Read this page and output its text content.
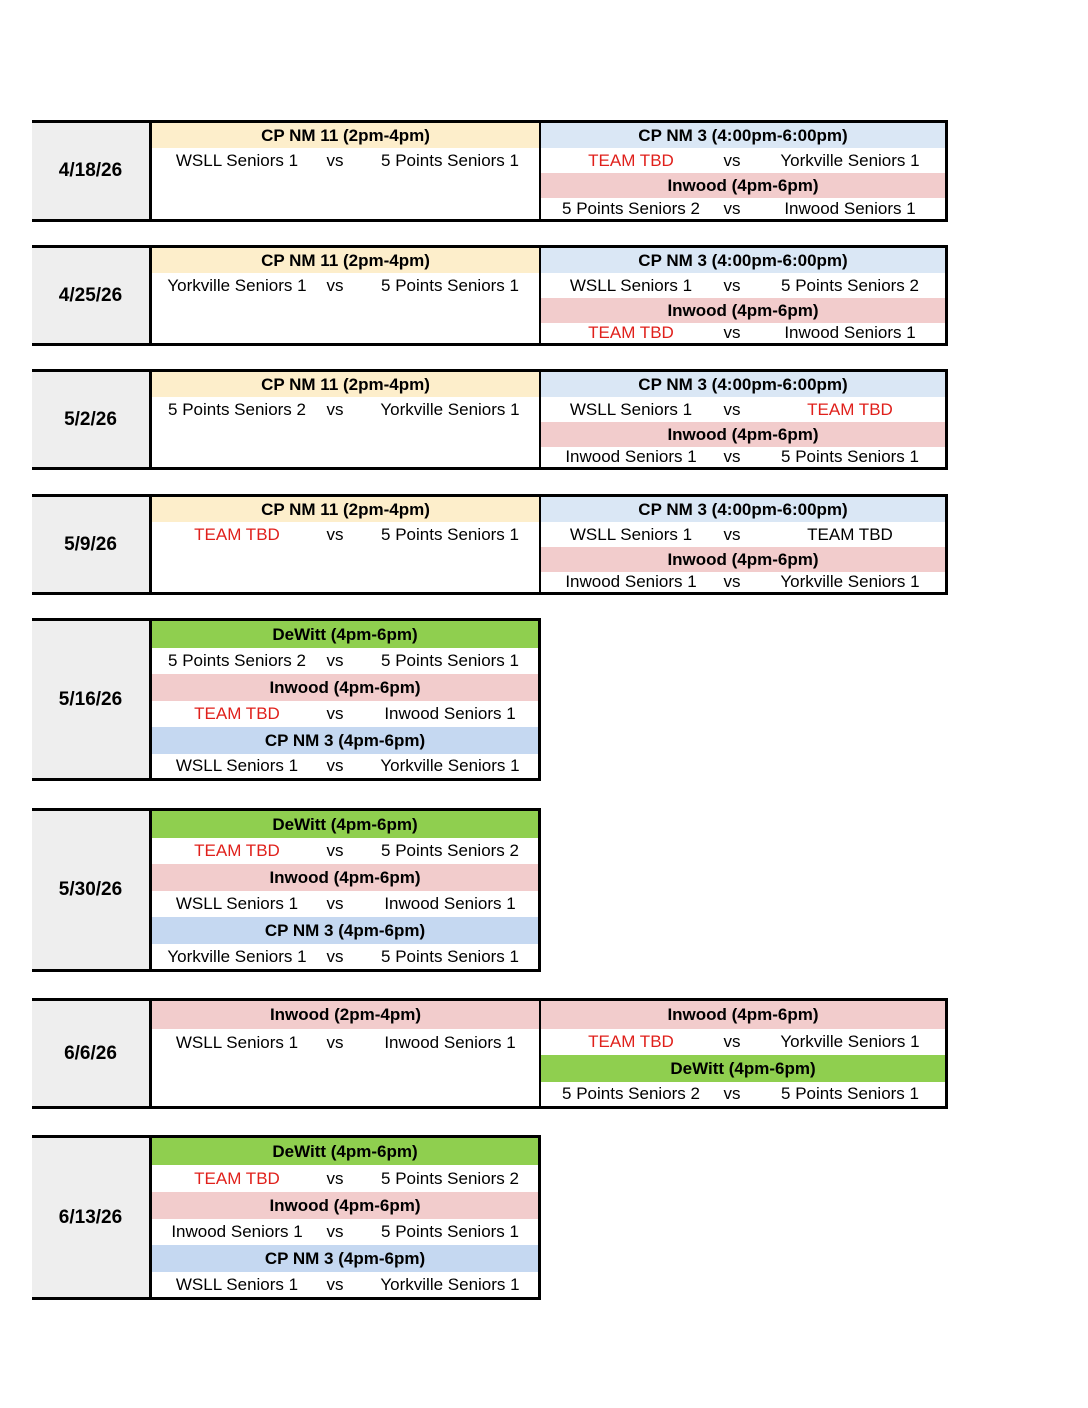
4/18/26
CP NM 11 (2pm-4pm)
WSLL Seniors 1	vs	5 Points Seniors 1
CP NM 3 (4:00pm-6:00pm)
TEAM TBD	vs	Yorkville Seniors 1
Inwood (4pm-6pm)
5 Points Seniors 2	vs	Inwood Seniors 1
4/25/26
CP NM 11 (2pm-4pm)
Yorkville Seniors 1	vs	5 Points Seniors 1
CP NM 3 (4:00pm-6:00pm)
WSLL Seniors 1	vs	5 Points Seniors 2
Inwood (4pm-6pm)
TEAM TBD	vs	Inwood Seniors 1
5/2/26
CP NM 11 (2pm-4pm)
5 Points Seniors 2	vs	Yorkville Seniors 1
CP NM 3 (4:00pm-6:00pm)
WSLL Seniors 1	vs	TEAM TBD
Inwood (4pm-6pm)
Inwood Seniors 1	vs	5 Points Seniors 1
5/9/26
CP NM 11 (2pm-4pm)
TEAM TBD	vs	5 Points Seniors 1
CP NM 3 (4:00pm-6:00pm)
WSLL Seniors 1	vs	TEAM TBD
Inwood (4pm-6pm)
Inwood Seniors 1	vs	Yorkville Seniors 1
5/16/26
DeWitt (4pm-6pm)
5 Points Seniors 2	vs	5 Points Seniors 1
Inwood (4pm-6pm)
TEAM TBD	vs	Inwood Seniors 1
CP NM 3 (4pm-6pm)
WSLL Seniors 1	vs	Yorkville Seniors 1
5/30/26
DeWitt (4pm-6pm)
TEAM TBD	vs	5 Points Seniors 2
Inwood (4pm-6pm)
WSLL Seniors 1	vs	Inwood Seniors 1
CP NM 3 (4pm-6pm)
Yorkville Seniors 1	vs	5 Points Seniors 1
6/6/26
Inwood (2pm-4pm)
WSLL Seniors 1	vs	Inwood Seniors 1
Inwood (4pm-6pm)
TEAM TBD	vs	Yorkville Seniors 1
DeWitt (4pm-6pm)
5 Points Seniors 2	vs	5 Points Seniors 1
6/13/26
DeWitt (4pm-6pm)
TEAM TBD	vs	5 Points Seniors 2
Inwood (4pm-6pm)
Inwood Seniors 1	vs	5 Points Seniors 1
CP NM 3 (4pm-6pm)
WSLL Seniors 1	vs	Yorkville Seniors 1
